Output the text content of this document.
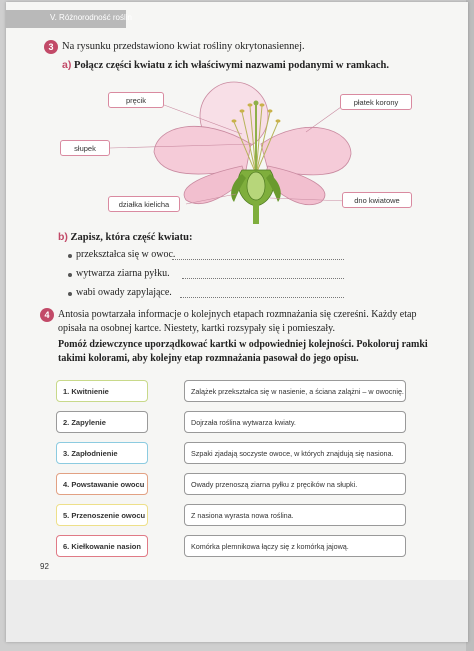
V. Różnorodność roślin
3 Na rysunku przedstawiono kwiat rośliny okrytonasiennej.
a) Połącz części kwiatu z ich właściwymi nazwami podanymi w ramkach.
pręcik	płatek korony
słupek
działka kielicha	dno kwiatowe
b) Zapisz, która część kwiatu:
przekształca się w owoc.
wytwarza ziarna pyłku.
wabi owady zapylające.
4 Antosia powtarzała informacje o kolejnych etapach rozmnażania się czereśni. Każdy etap
opisała na osobnej kartce. Niestety, kartki rozsypały się i pomieszały.
Pomóż dziewczynce uporządkować kartki w odpowiedniej kolejności. Pokoloruj ramki
takimi kolorami, aby kolejny etap rozmnażania pasował do jego opisu.
1. Kwitnienie
2. Zapylenie
3. Zapłodnienie
4. Powstawanie owocu
5. Przenoszenie owocu
6. Kiełkowanie nasion
Zalążek przekształca się w nasienie, a ściana zalążni – w owocnię.
Dojrzała roślina wytwarza kwiaty.
Szpaki zjadają soczyste owoce, w których znajdują się nasiona.
Owady przenoszą ziarna pyłku z pręcików na słupki.
Z nasiona wyrasta nowa roślina.
Komórka plemnikowa łączy się z komórką jajową.
92
